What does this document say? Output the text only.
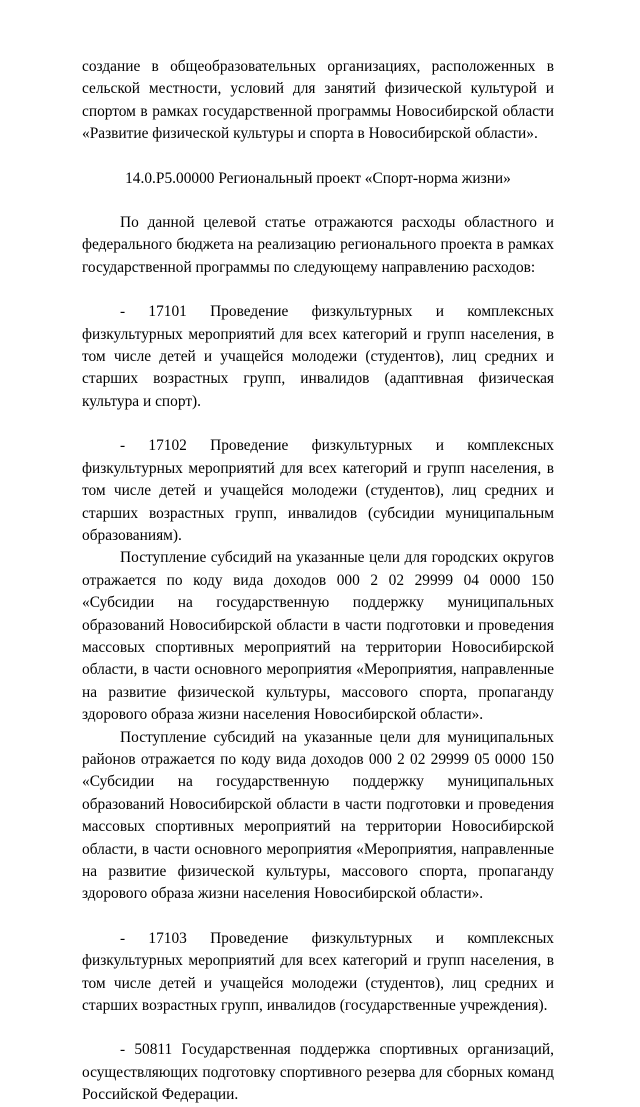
создание в общеобразовательных организациях, расположенных в сельской местности, условий для занятий физической культурой и спортом в рамках государственной программы Новосибирской области «Развитие физической культуры и спорта в Новосибирской области».

14.0.Р5.00000 Региональный проект «Спорт-норма жизни»

По данной целевой статье отражаются расходы областного и федерального бюджета на реализацию регионального проекта в рамках государственной программы по следующему направлению расходов:

- 17101 Проведение физкультурных и комплексных физкультурных мероприятий для всех категорий и групп населения, в том числе детей и учащейся молодежи (студентов), лиц средних и старших возрастных групп, инвалидов (адаптивная физическая культура и спорт).

- 17102 Проведение физкультурных и комплексных физкультурных мероприятий для всех категорий и групп населения, в том числе детей и учащейся молодежи (студентов), лиц средних и старших возрастных групп, инвалидов (субсидии муниципальным образованиям).

Поступление субсидий на указанные цели для городских округов отражается по коду вида доходов 000 2 02 29999 04 0000 150 «Субсидии на государственную поддержку муниципальных образований Новосибирской области в части подготовки и проведения массовых спортивных мероприятий на территории Новосибирской области, в части основного мероприятия «Мероприятия, направленные на развитие физической культуры, массового спорта, пропаганду здорового образа жизни населения Новосибирской области».

Поступление субсидий на указанные цели для муниципальных районов отражается по коду вида доходов 000 2 02 29999 05 0000 150 «Субсидии на государственную поддержку муниципальных образований Новосибирской области в части подготовки и проведения массовых спортивных мероприятий на территории Новосибирской области, в части основного мероприятия «Мероприятия, направленные на развитие физической культуры, массового спорта, пропаганду здорового образа жизни населения Новосибирской области».

- 17103 Проведение физкультурных и комплексных физкультурных мероприятий для всех категорий и групп населения, в том числе детей и учащейся молодежи (студентов), лиц средних и старших возрастных групп, инвалидов (государственные учреждения).

- 50811 Государственная поддержка спортивных организаций, осуществляющих подготовку спортивного резерва для сборных команд Российской Федерации.
